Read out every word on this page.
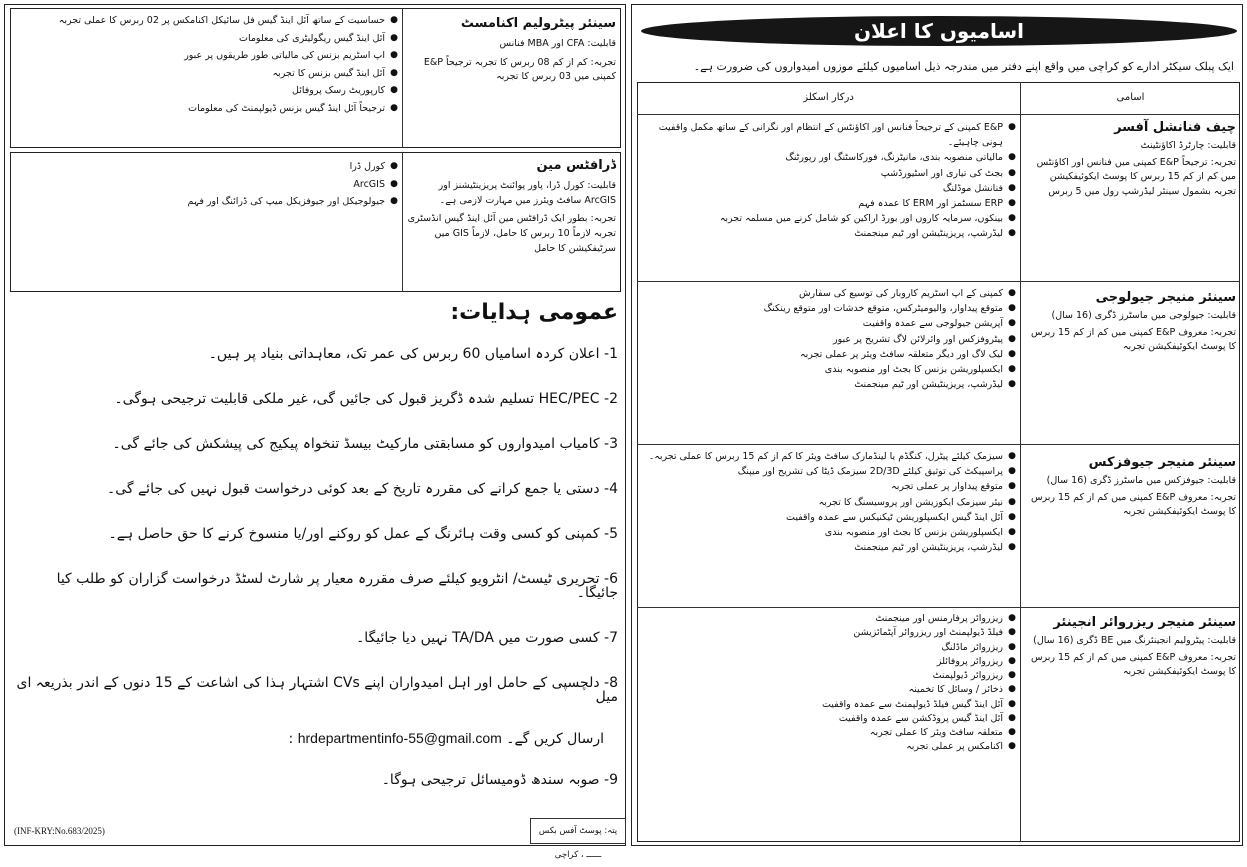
اسامیوں کا اعلان
ایک پبلک سیکٹر ادارے کو کراچی میں واقع اپنے دفتر میں مندرجہ ذیل اسامیوں کیلئے موزوں امیدواروں کی ضرورت ہے۔
اسامی
درکار اسکلز
چیف فنانشل آفسر
قابلیت: چارٹرڈ اکاؤنٹینٹ
تجربہ: ترجیحاً E&P کمپنی میں فنانس اور اکاؤنٹس میں کم از کم 15 ربرس کا پوسٹ ایکوئیفکیشن تجربہ بشمول سینئر لیڈرشپ رول میں 5 ربرس
● E&P کمپنی کے ترجیحاً فنانس اور اکاؤنٹس کے انتظام اور نگرانی کے ساتھ مکمل واقفیت ہونی چاہیئے۔
● مالیاتی منصوبہ بندی، مانیٹرنگ، فورکاسٹنگ اور رپورٹنگ
● بجٹ کی تیاری اور اسٹیورڈشپ
● فنانشل موڈلنگ
● ERP سسٹمز اور ERM کا عمدہ فہم
● بینکوں، سرمایہ کاروں اور بورڈ اراکین کو شامل کرنے میں مسلمہ تجربہ
● لیڈرشپ، پریزینٹیشن اور ٹیم مینجمنٹ
سینئر منیجر جیولوجی
قابلیت: جیولوجی میں ماسٹرز ڈگری (16 سال)
تجربہ: معروف E&P کمپنی میں کم از کم 15 ربرس کا پوسٹ ایکوئیفکیشن تجربہ
● کمپنی کے اپ اسٹریم کاروبار کی توسیع کی سفارش
● متوقع پیداوار، والیومیٹرکس، متوقع خدشات اور متوقع رینکنگ
● آپریشن جیولوجی سے عمدہ واقفیت
● پیٹروفزکس اور وائرلائن لاگ تشریح پر عبور
● لیک لاگ اور دیگر متعلقہ سافٹ ویئر پر عملی تجربہ
● ایکسپلوریشن بزنس کا بجٹ اور منصوبہ بندی
● لیڈرشپ، پریزینٹیشن اور ٹیم مینجمنٹ
سینئر منیجر جیوفزکس
قابلیت: جیوفزکس میں ماسٹرز ڈگری (16 سال)
تجربہ: معروف E&P کمپنی میں کم از کم 15 ربرس کا پوسٹ ایکوئیفکیشن تجربہ
● سیزمک کیلئے پیٹرل، کنگڈم یا لینڈمارک سافٹ ویئر کا کم از کم 15 ربرس کا عملی تجربہ۔
● پراسپیکٹ کی توثیق کیلئے 2D/3D سیزمک ڈیٹا کی تشریح اور میپنگ
● متوقع پیداوار پر عملی تجربہ
● نیئر سیزمک ایکوزیشن اور پروسیسنگ کا تجربہ
● آئل اینڈ گیس ایکسپلوریشن ٹیکنیکس سے عمدہ واقفیت
● ایکسپلوریشن بزنس کا بجٹ اور منصوبہ بندی
● لیڈرشپ، پریزینٹیشن اور ٹیم مینجمنٹ
سینئر منیجر ریزروائر انجینئر
قابلیت: پیٹرولیم انجینئرنگ میں BE ڈگری (16 سال)
تجربہ: معروف E&P کمپنی میں کم از کم 15 ربرس کا پوسٹ ایکوئیفکیشن تجربہ
● ریزروائر پرفارمنس اور مینجمنٹ
● فیلڈ ڈیولپمنٹ اور ریزروائر آپٹمائزیشن
● ریزروائر ماڈلنگ
● ریزروائر پروفائلز
● ریزروائر ڈیولپمنٹ
● ذخائر / وسائل کا تخمینہ
● آئل اینڈ گیس فیلڈ ڈیولپمنٹ سے عمدہ واقفیت
● آئل اینڈ گیس پروڈکشن سے عمدہ واقفیت
● متعلقہ سافٹ ویئر کا عملی تجربہ
● اکنامکس پر عملی تجربہ
سینئر پیٹرولیم اکنامسٹ
قابلیت: CFA اور MBA فنانس
تجربہ: کم از کم 08 ربرس کا تجربہ ترجیحاً E&P کمپنی میں 03 ربرس کا تجربہ
● حساسیت کے ساتھ آئل اینڈ گیس فل سائیکل اکنامکس پر 02 ربرس کا عملی تجربہ
● آئل اینڈ گیس ریگولیٹری کی معلومات
● اپ اسٹریم بزنس کی مالیاتی طور طریقوں پر عبور
● آئل اینڈ گیس بزنس کا تجربہ
● کارپوریٹ رسک پروفائل
● ترجیحاً آئل اینڈ گیس بزنس ڈیولپمنٹ کی معلومات
ڈرافٹس مین
قابلیت: کورل ڈرا، پاور پوائنٹ پریزینٹیشنز اور ArcGIS سافٹ ویئرز میں مہارت لازمی ہے۔
تجربہ: بطور ایک ڈرافٹس مین آئل اینڈ گیس انڈسٹری تجربہ لازماً 10 ربرس کا حامل، لازماً GIS میں سرٹیفکیشن کا حامل
● کورل ڈرا
● ArcGIS
● جیولوجیکل اور جیوفزیکل میپ کی ڈرائنگ اور فہم
عمومی ہدایات:
1- اعلان کردہ اسامیاں 60 ربرس کی عمر تک، معاہداتی بنیاد پر ہیں۔
2- HEC/PEC تسلیم شدہ ڈگریز قبول کی جائیں گی، غیر ملکی قابلیت ترجیحی ہوگی۔
3- کامیاب امیدواروں کو مسابقتی مارکیٹ بیسڈ تنخواہ پیکیج کی پیشکش کی جائے گی۔
4- دستی یا جمع کرانے کی مقررہ تاریخ کے بعد کوئی درخواست قبول نہیں کی جائے گی۔
5- کمپنی کو کسی وقت ہائرنگ کے عمل کو روکنے اور/یا منسوخ کرنے کا حق حاصل ہے۔
6- تحریری ٹیسٹ/ انٹرویو کیلئے صرف مقررہ معیار پر شارٹ لسٹڈ درخواست گزاران کو طلب کیا جائیگا۔
7- کسی صورت میں TA/DA نہیں دیا جائیگا۔
8- دلچسپی کے حامل اور اہل امیدواران اپنے CVs اشتہار ہذا کی اشاعت کے 15 دنوں کے اندر بذریعہ ای میل
ارسال کریں گے۔ hrdepartmentinfo-55@gmail.com :
9- صوبہ سندھ ڈومیسائل ترجیحی ہوگا۔
پتہ: پوسٹ آفس بکس ــــــ ، کراچی
(INF-KRY:No.683/2025)
